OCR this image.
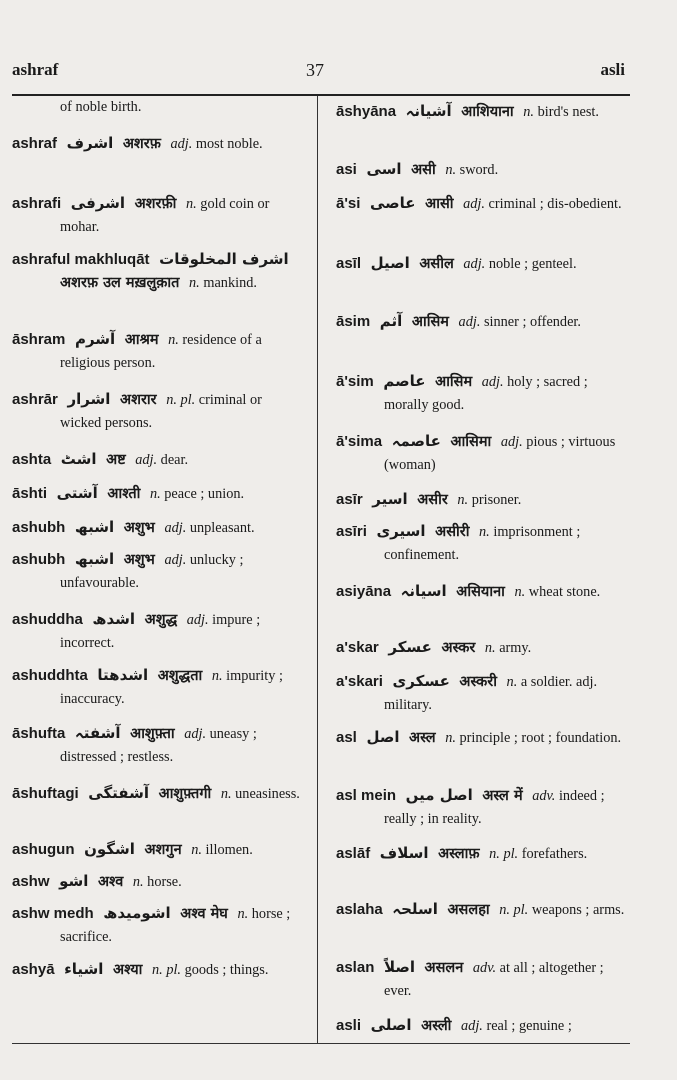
ashraf	37	asli
of noble birth.
ashraf اشرف अशरफ़ adj. most noble.
ashrafi اشرفی अशरफ़ी n. gold coin or mohar.
ashraful makhluqāt اشرف المخلوقات अशरफ़ उल मख़लुक़ात n. mankind.
āshram آشرم आश्रम n. residence of a religious person.
ashrār اشرار अशरार n. pl. criminal or wicked persons.
ashta اشٹ अष्ट adj. dear.
āshti آشتی आश्ती n. peace ; union.
ashubh اشبھ अशुभ adj. unpleasant.
ashubh اشبھ अशुभ adj. unlucky ; unfavourable.
ashuddha اشدھ अशुद्ध adj. impure ; incorrect.
ashuddhta اشدھتا अशुद्धता n. impurity ; inaccuracy.
āshufta آشفتہ आशुफ़्ता adj. uneasy ; distressed ; restless.
āshuftagi آشفتگی आशुफ़्तगी n. uneasiness.
ashugun اشگون अशगुन n. illomen.
ashw اشو अश्व n. horse.
ashw medh اشومیدھ अश्व मेघ n. horse ; sacrifice.
ashyā اشیاء अश्या n. pl. goods ; things.
āshyāna آشیانہ आशियाना n. bird's nest.
asi اسی असी n. sword.
ā'si عاصی आसी adj. criminal ; dis-obedient.
asīl اصیل असील adj. noble ; genteel.
āsim آثم आसिम adj. sinner ; offender.
ā'sim عاصم आसिम adj. holy ; sacred ; morally good.
ā'sima عاصمہ आसिमा adj. pious ; virtuous (woman)
asīr اسیر असीर n. prisoner.
asīri اسیری असीरी n. imprisonment ; confinement.
asiyāna اسیانہ असियाना n. wheat stone.
a'skar عسکر अस्कर n. army.
a'skari عسکری अस्करी n. a soldier. adj. military.
asl اصل अस्ल n. principle ; root ; foundation.
asl mein اصل میں अस्ल में adv. indeed ; really ; in reality.
aslāf اسلاف अस्लाफ़ n. pl. forefathers.
aslaha اسلحہ असलहा n. pl. weapons ; arms.
aslan اصلاً असलन adv. at all ; altogether ; ever.
asli اصلی अस्ली adj. real ; genuine ;
